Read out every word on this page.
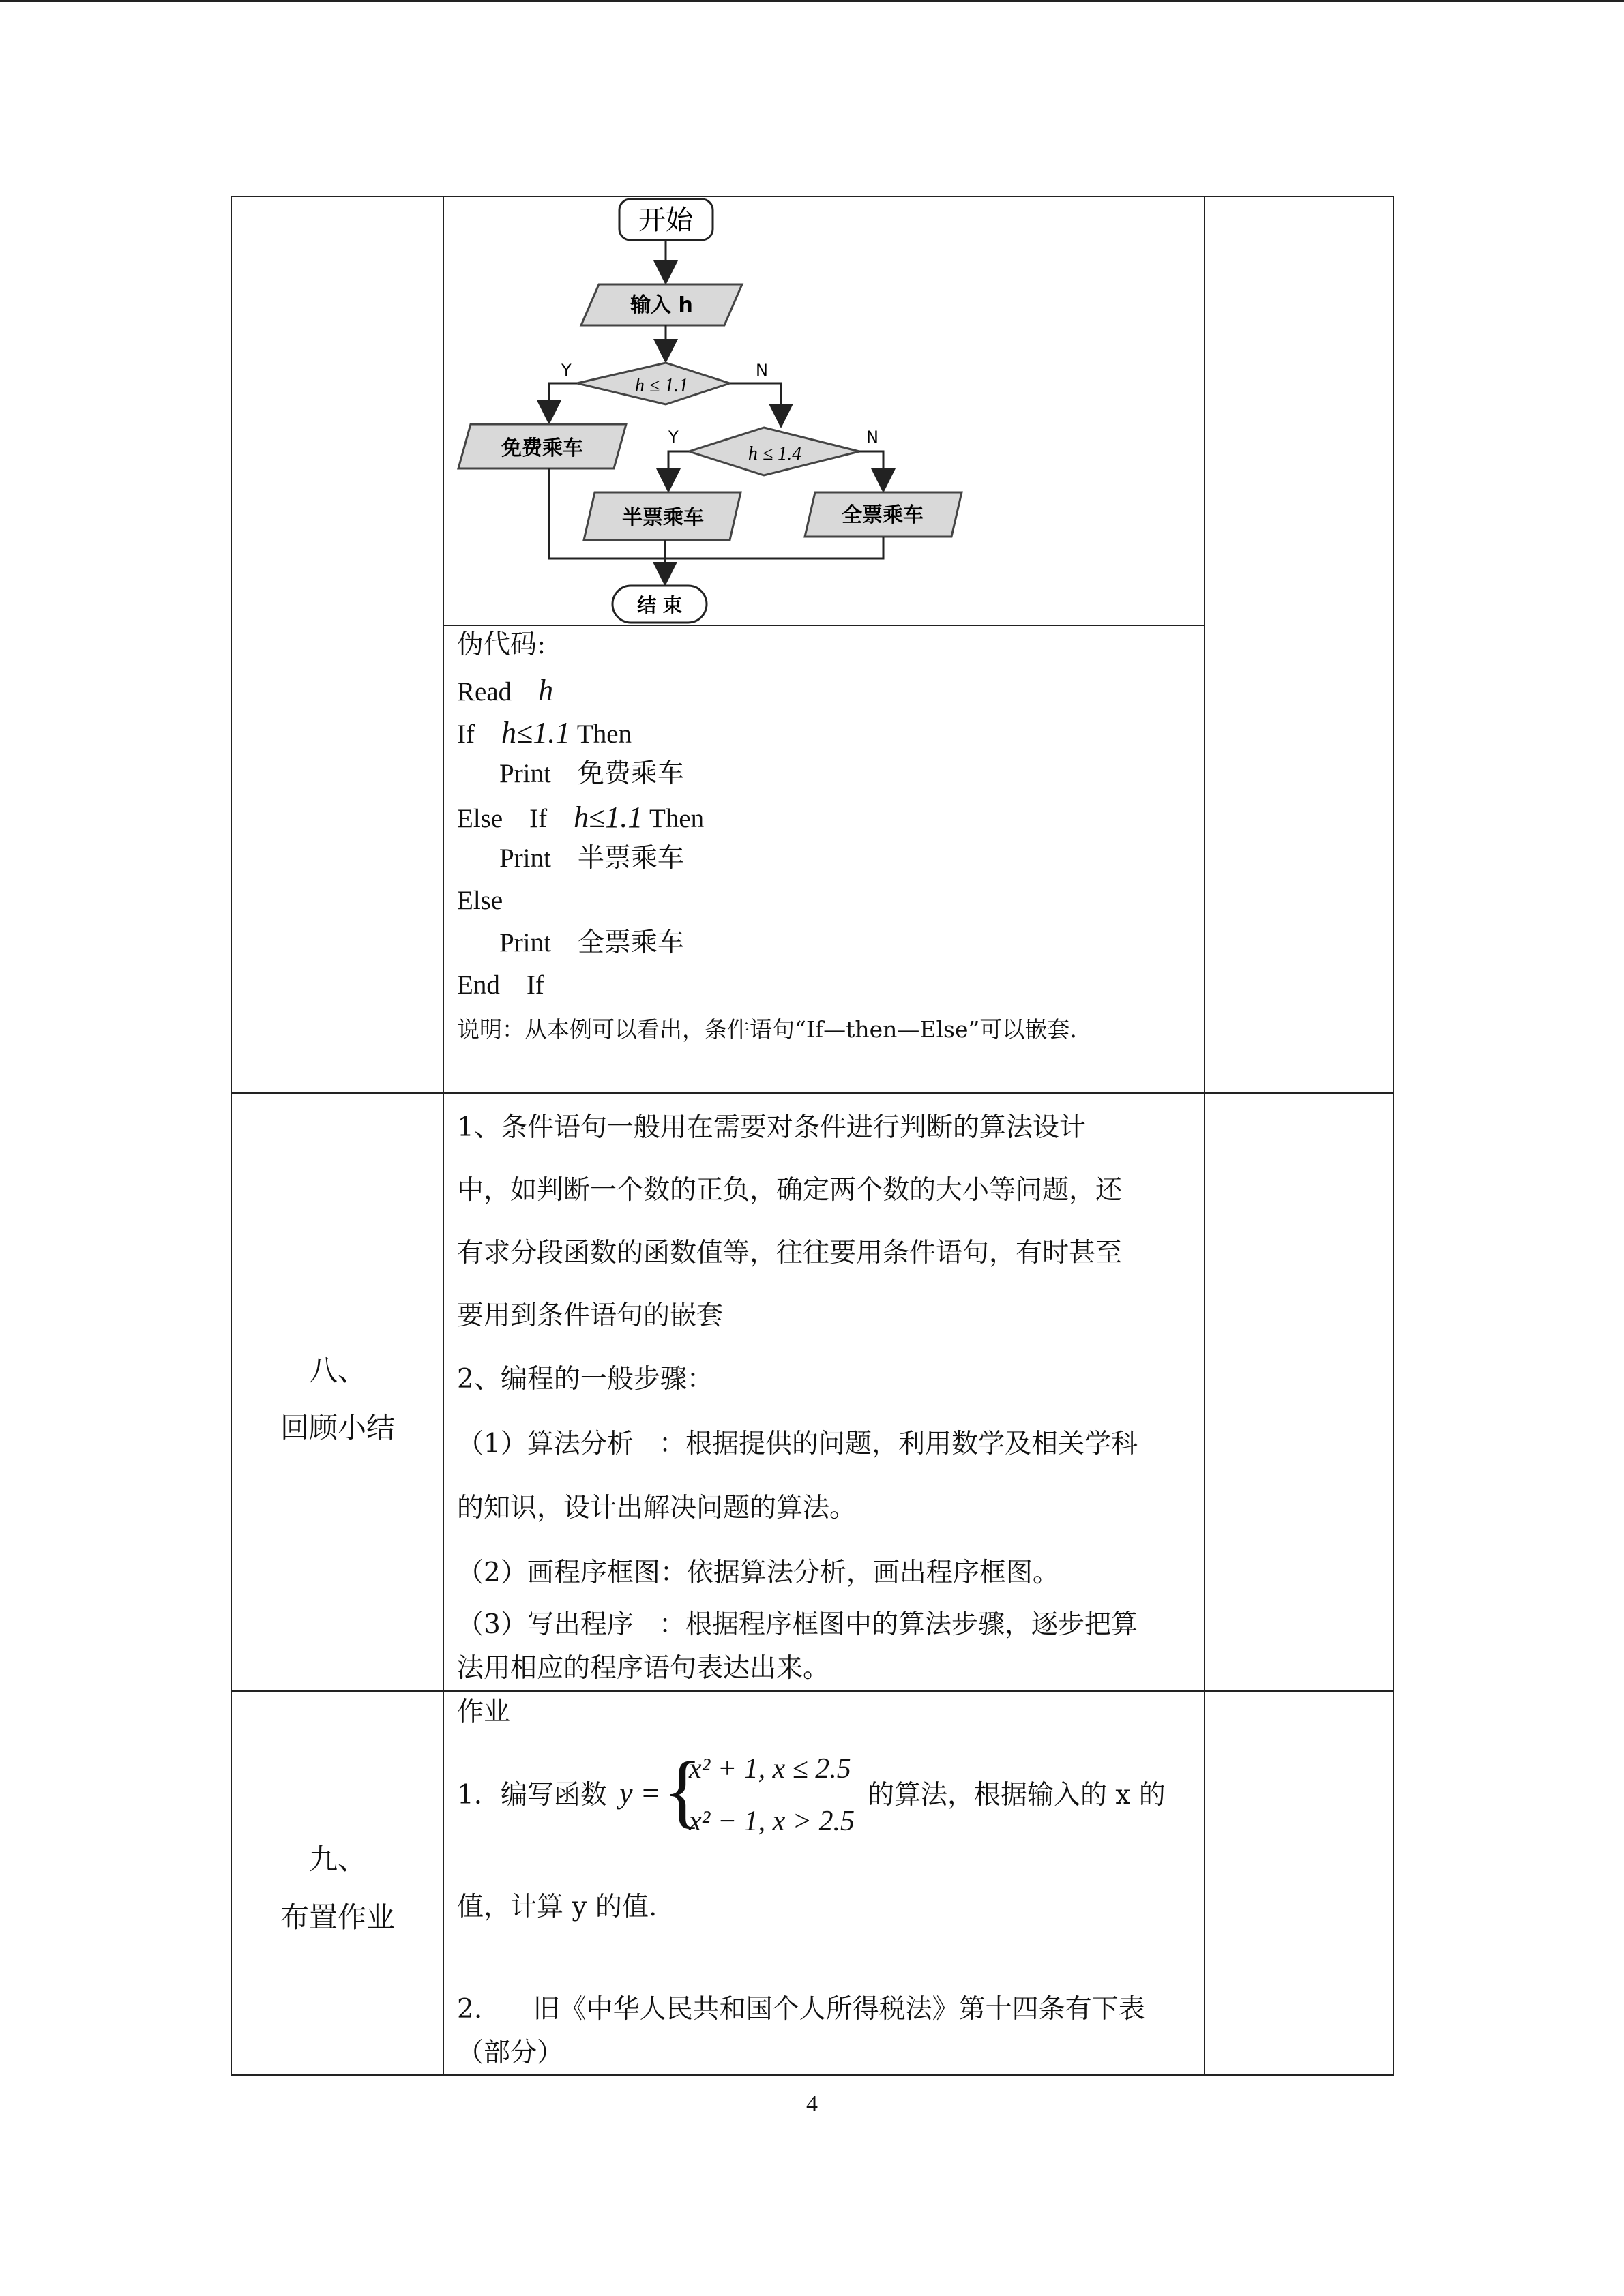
开始
输入 h
h ≤ 1.1
Y	N
免费乘车	h ≤ 1.4
Y	N
半票乘车	全票乘车
结 束
伪代码:
Read h
If h≤1.1 Then
Print 免费乘车
Else    If h≤1.1 Then
Print 半票乘车
Else
Print 全票乘车
End    If
说明：从本例可以看出，条件语句“If—then—Else”可以嵌套.
八、
回顾小结
1、条件语句一般用在需要对条件进行判断的算法设计
中，如判断一个数的正负，确定两个数的大小等问题，还
有求分段函数的函数值等，往往要用条件语句，有时甚至
要用到条件语句的嵌套
2、编程的一般步骤：
（1）算法分析   ：根据提供的问题，利用数学及相关学科
的知识，设计出解决问题的算法。
（2）画程序框图：依据算法分析，画出程序框图。
（3）写出程序   ：根据程序框图中的算法步骤，逐步把算
法用相应的程序语句表达出来。
九、
布置作业
作业
1．编写函数 y = {
x² + 1, x ≤ 2.5
x² − 1, x > 2.5
的算法，根据输入的 x 的
值，计算 y 的值.
2.      旧《中华人民共和国个人所得税法》第十四条有下表
（部分）
4
